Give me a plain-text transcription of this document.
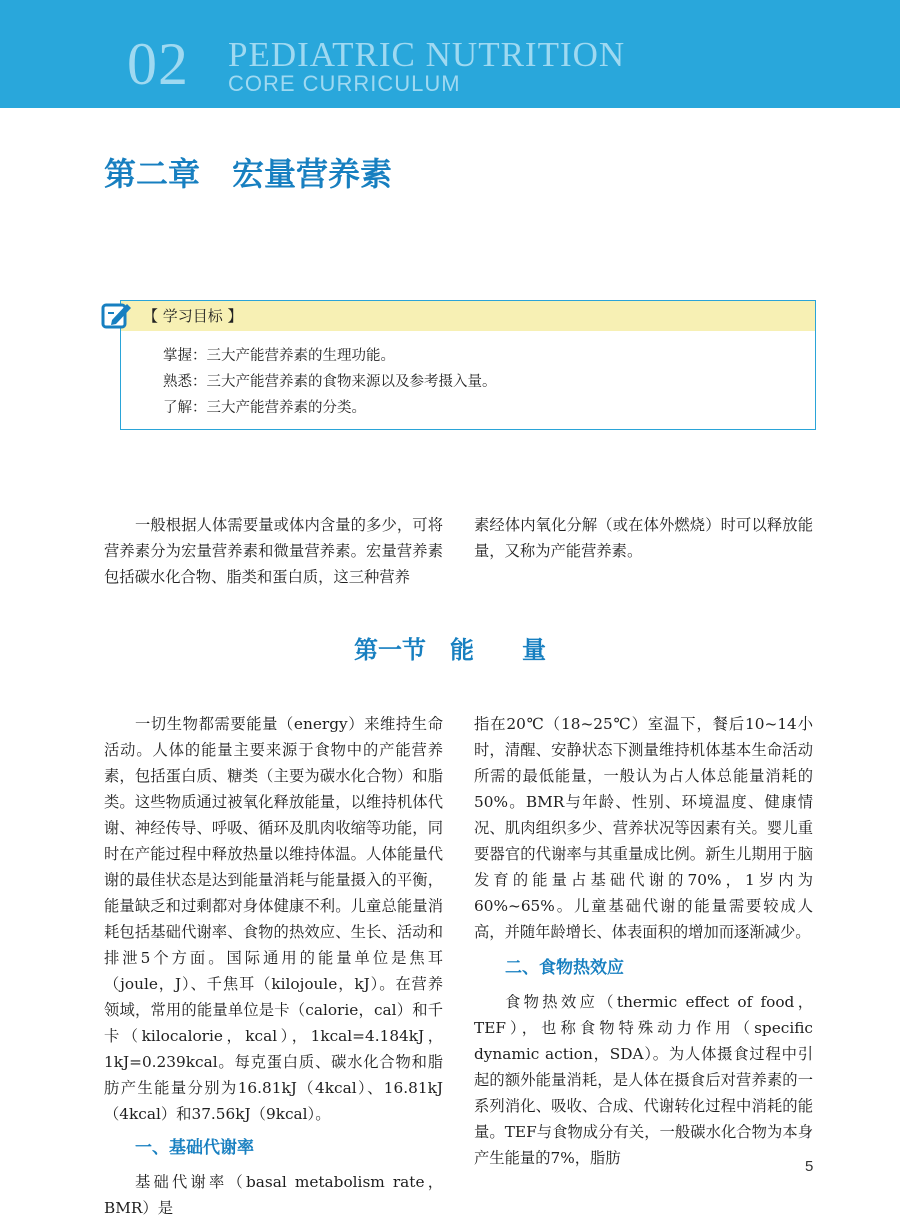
02 PEDIATRIC NUTRITION
CORE CURRICULUM
第二章　宏量营养素
【 学习目标 】
掌握：三大产能营养素的生理功能。
熟悉：三大产能营养素的食物来源以及参考摄入量。
了解：三大产能营养素的分类。

一般根据人体需要量或体内含量的多少，可将营养素分为宏量营养素和微量营养素。宏量营养素包括碳水化合物、脂类和蛋白质，这三种营养

素经体内氧化分解（或在体外燃烧）时可以释放能量，又称为产能营养素。

第一节　能　　量

一切生物都需要能量（energy）来维持生命活动。人体的能量主要来源于食物中的产能营养素，包括蛋白质、糖类（主要为碳水化合物）和脂类。这些物质通过被氧化释放能量，以维持机体代谢、神经传导、呼吸、循环及肌肉收缩等功能，同时在产能过程中释放热量以维持体温。人体能量代谢的最佳状态是达到能量消耗与能量摄入的平衡，能量缺乏和过剩都对身体健康不利。儿童总能量消耗包括基础代谢率、食物的热效应、生长、活动和排泄5个方面。国际通用的能量单位是焦耳（joule，J）、千焦耳（kilojoule，kJ）。在营养领域，常用的能量单位是卡（calorie，cal）和千卡（kilocalorie，kcal），1kcal=4.184kJ，1kJ=0.239kcal。每克蛋白质、碳水化合物和脂肪产生能量分别为16.81kJ（4kcal）、16.81kJ（4kcal）和37.56kJ（9kcal）。

一、基础代谢率

基础代谢率（basal metabolism rate，BMR）是

指在20℃（18~25℃）室温下，餐后10~14小时，清醒、安静状态下测量维持机体基本生命活动所需的最低能量，一般认为占人体总能量消耗的50%。BMR与年龄、性别、环境温度、健康情况、肌肉组织多少、营养状况等因素有关。婴儿重要器官的代谢率与其重量成比例。新生儿期用于脑发育的能量占基础代谢的70%，1岁内为60%~65%。儿童基础代谢的能量需要较成人高，并随年龄增长、体表面积的增加而逐渐减少。

二、食物热效应

食物热效应（thermic effect of food，TEF），也称食物特殊动力作用（specific dynamic action，SDA）。为人体摄食过程中引起的额外能量消耗，是人体在摄食后对营养素的一系列消化、吸收、合成、代谢转化过程中消耗的能量。TEF与食物成分有关，一般碳水化合物为本身产生能量的7%，脂肪	5
